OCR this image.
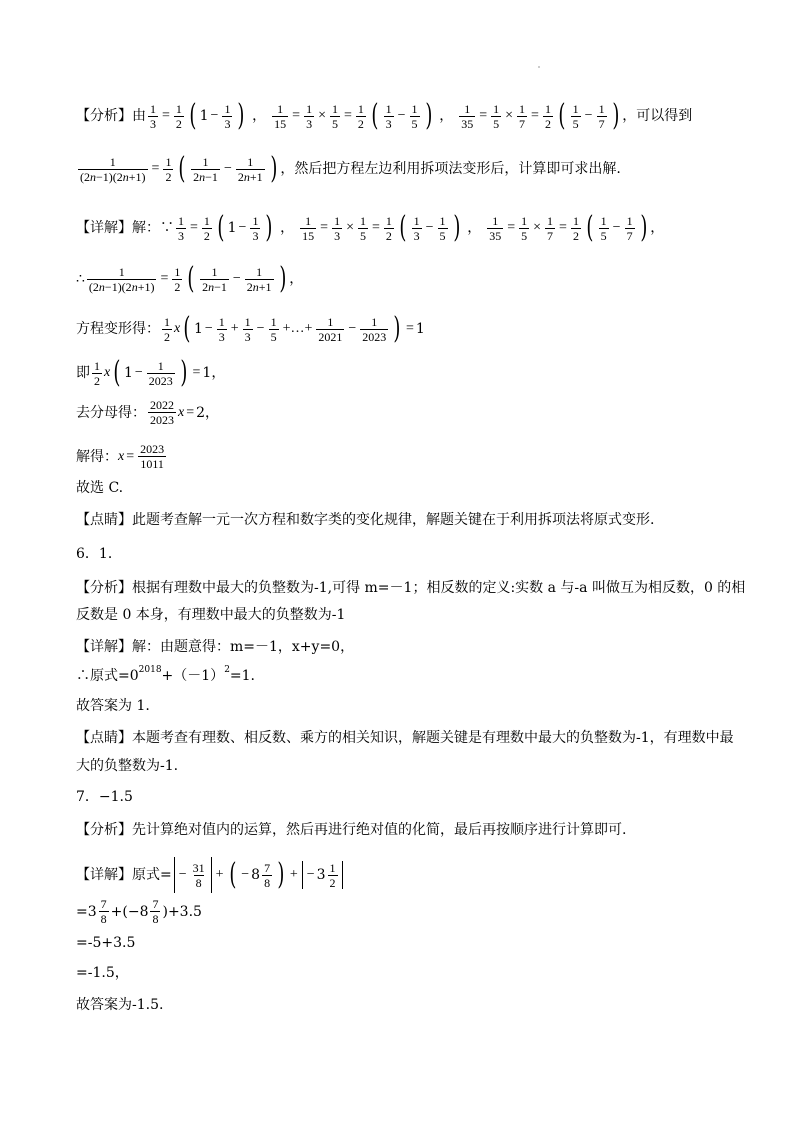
【分析】由 $\frac{1}{3} = \frac{1}{2}$ ( $1 - \frac{1}{3}$ ) ， $\frac{1}{15} = \frac{1}{3} \times \frac{1}{5} = \frac{1}{2}$ ( $\frac{1}{3} - \frac{1}{5}$ ) ， $\frac{1}{35} = \frac{1}{5} \times \frac{1}{7} = \frac{1}{2}$ ( $\frac{1}{5} - \frac{1}{7}$ ) ，可以得到
$\frac{1}{(2n-1)(2n+1)} = \frac{1}{2}$ ( $\frac{1}{2n-1} - \frac{1}{2n+1}$ ) ，然后把方程左边利用拆项法变形后，计算即可求出解.
【详解】解：∵ $\frac{1}{3} = \frac{1}{2}$ ( $1 - \frac{1}{3}$ ) ， $\frac{1}{15} = \frac{1}{3} \times \frac{1}{5} = \frac{1}{2}$ ( $\frac{1}{3} - \frac{1}{5}$ ) ， $\frac{1}{35} = \frac{1}{5} \times \frac{1}{7} = \frac{1}{2}$ ( $\frac{1}{5} - \frac{1}{7}$ ) ，
∴ $\frac{1}{(2n-1)(2n+1)} = \frac{1}{2}$ ( $\frac{1}{2n-1} - \frac{1}{2n+1}$ ) ，
方程变形得： $\frac{1}{2}$ x ( $1 - \frac{1}{3} + \frac{1}{3} - \frac{1}{5}$ +…+ $\frac{1}{2021} - \frac{1}{2023}$ ) = 1
即 $\frac{1}{2}$ x ( $1 - \frac{1}{2023}$ ) = 1 ，
去分母得： $\frac{2022}{2023}$ x = 2 ，
解得： $x = \frac{2023}{1011}$
故选 C.
【点睛】此题考查解一元一次方程和数字类的变化规律，解题关键在于利用拆项法将原式变形.
6．1．
【分析】根据有理数中最大的负整数为-1,可得 m=－1；相反数的定义:实数 a 与-a 叫做互为相反数，0 的相
反数是 0 本身，有理数中最大的负整数为-1
【详解】解：由题意得：m=－1，x+y=0，
∴原式$=0^{2018} +(-1)^2 =1$.
故答案为 1.
【点睛】本题考查有理数、相反数、乘方的相关知识，解题关键是有理数中最大的负整数为-1，有理数中最
大的负整数为-1.
7．−1.5
【分析】先计算绝对值内的运算，然后再进行绝对值的化简，最后再按顺序进行计算即可.
【详解】原式= − $\frac{31}{8}$ + ( − $8 \frac{7}{8}$ ) + − $3 \frac{1}{2}$
$=3 \frac{7}{8} +(-8 \frac{7}{8} )+3.5$
=-5+3.5
=-1.5，
故答案为-1.5.
